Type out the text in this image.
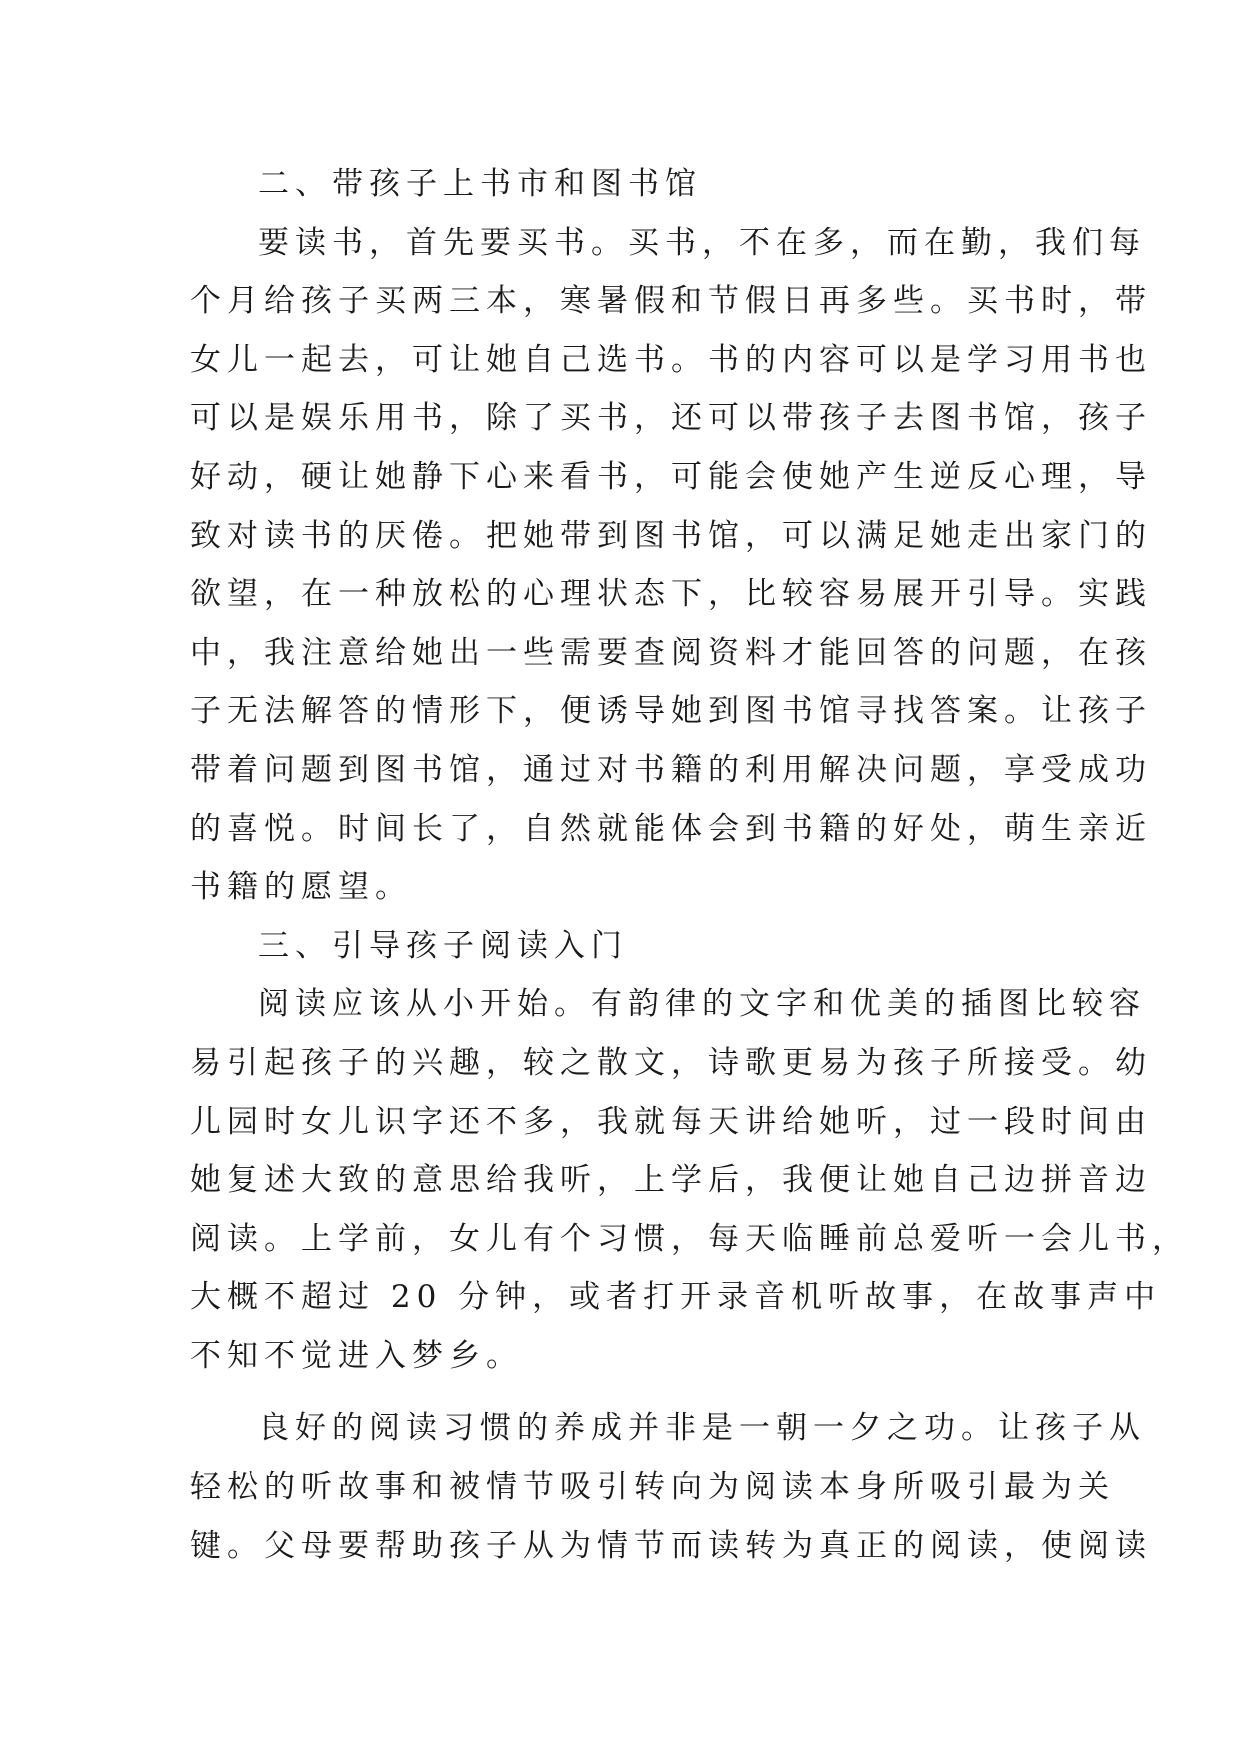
二、带孩子上书市和图书馆
要读书，首先要买书。买书，不在多，而在勤，我们每
个月给孩子买两三本，寒暑假和节假日再多些。买书时，带
女儿一起去，可让她自己选书。书的内容可以是学习用书也
可以是娱乐用书，除了买书，还可以带孩子去图书馆，孩子
好动，硬让她静下心来看书，可能会使她产生逆反心理，导
致对读书的厌倦。把她带到图书馆，可以满足她走出家门的
欲望，在一种放松的心理状态下，比较容易展开引导。实践
中，我注意给她出一些需要查阅资料才能回答的问题，在孩
子无法解答的情形下，便诱导她到图书馆寻找答案。让孩子
带着问题到图书馆，通过对书籍的利用解决问题，享受成功
的喜悦。时间长了，自然就能体会到书籍的好处，萌生亲近
书籍的愿望。
三、引导孩子阅读入门
阅读应该从小开始。有韵律的文字和优美的插图比较容
易引起孩子的兴趣，较之散文，诗歌更易为孩子所接受。幼
儿园时女儿识字还不多，我就每天讲给她听，过一段时间由
她复述大致的意思给我听，上学后，我便让她自己边拼音边
阅读。上学前，女儿有个习惯，每天临睡前总爱听一会儿书，
大概不超过 20 分钟，或者打开录音机听故事，在故事声中
不知不觉进入梦乡。
良好的阅读习惯的养成并非是一朝一夕之功。让孩子从
轻松的听故事和被情节吸引转向为阅读本身所吸引最为关
键。父母要帮助孩子从为情节而读转为真正的阅读，使阅读
